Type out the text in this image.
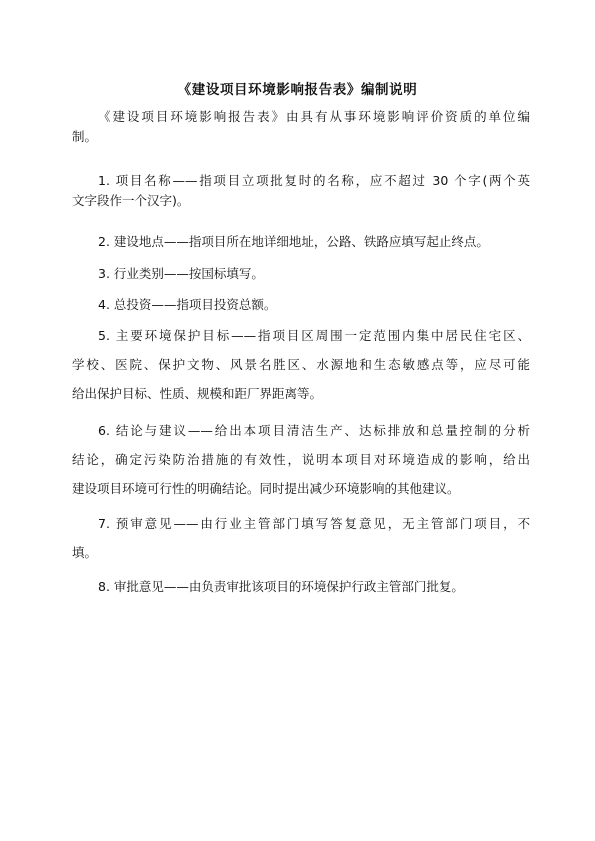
《建设项目环境影响报告表》编制说明
《建设项目环境影响报告表》由具有从事环境影响评价资质的单位编
制。
1. 项目名称——指项目立项批复时的名称，应不超过 30 个字(两个英
文字段作一个汉字)。
2. 建设地点——指项目所在地详细地址，公路、铁路应填写起止终点。
3. 行业类别——按国标填写。
4. 总投资——指项目投资总额。
5. 主要环境保护目标——指项目区周围一定范围内集中居民住宅区、
学校、医院、保护文物、风景名胜区、水源地和生态敏感点等，应尽可能
给出保护目标、性质、规模和距厂界距离等。
6. 结论与建议——给出本项目清洁生产、达标排放和总量控制的分析
结论，确定污染防治措施的有效性，说明本项目对环境造成的影响，给出
建设项目环境可行性的明确结论。同时提出减少环境影响的其他建议。
7. 预审意见——由行业主管部门填写答复意见，无主管部门项目，不
填。
8. 审批意见——由负责审批该项目的环境保护行政主管部门批复。
